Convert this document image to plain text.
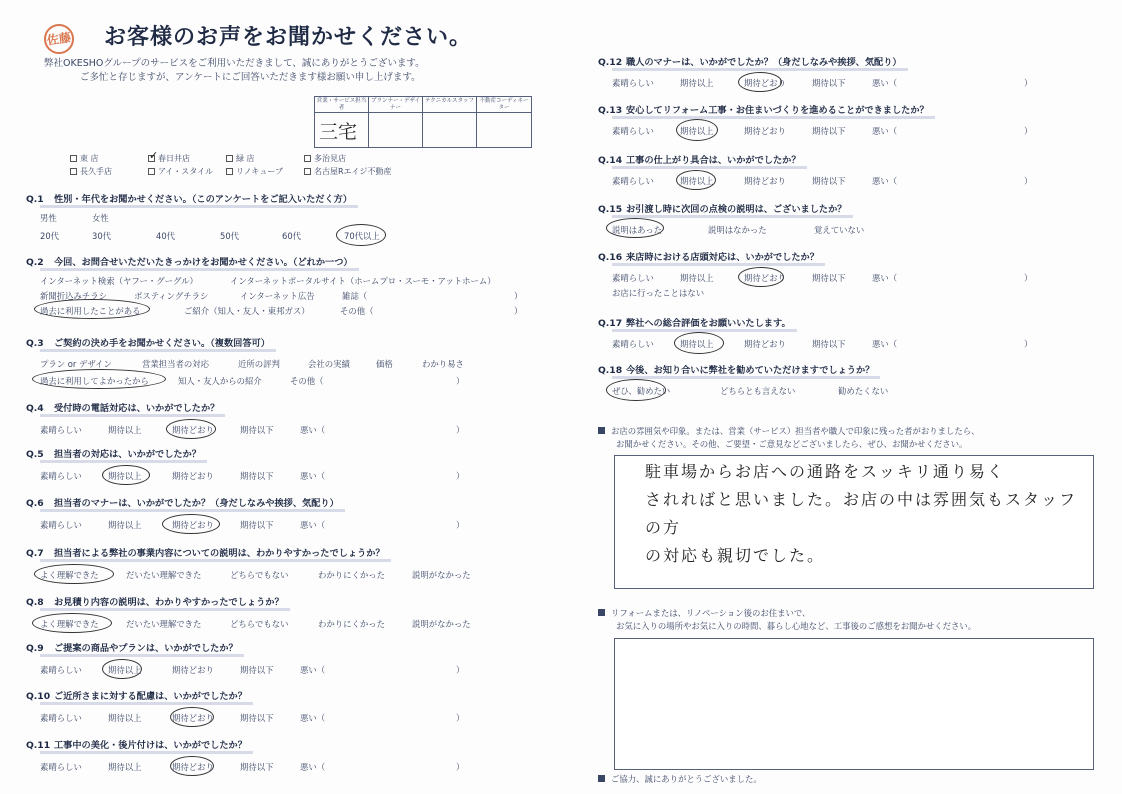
佐藤 お客様のお声をお聞かせください。
弊社OKESHOグループのサービスをご利用いただきまして、誠にありがとうございます。
ご多忙と存じますが、アンケートにご回答いただきます様お願い申し上げます。
営業・サービス担当者
プランナー・デザイナー
テクニカルスタッフ 不動産コーディネーター
三宅
東 店
✓	春日井店	緑 店	多治見店
長久手店	アイ・スタイル	リノキューブ	名古屋Rエイジ不動産
Q.1 性別・年代をお聞かせください。（このアンケートをご記入いただく方）
男性	女性
20代	30代	40代	50代	60代	70代以上
Q.2 今回、お問合せいただいたきっかけをお聞かせください。（どれか一つ）
インターネット検索（ヤフー・グーグル）	インターネットポータルサイト（ホームプロ・スーモ・アットホーム）
新聞折込みチラシ	ポスティングチラシ	インターネット広告	雑誌（	）
過去に利用したことがある	ご紹介（知人・友人・東邦ガス）	その他（	）
Q.3 ご契約の決め手をお聞かせください。（複数回答可）
プラン or デザイン	営業担当者の対応	近所の評判	会社の実績	価格	わかり易さ
過去に利用してよかったから	知人・友人からの紹介	その他（	）
Q.4 受付時の電話対応は、いかがでしたか？
素晴らしい	期待以上	期待どおり	期待以下	悪い（	）
Q.5 担当者の対応は、いかがでしたか？
素晴らしい	期待以上	期待どおり	期待以下	悪い（	）
Q.6 担当者のマナーは、いかがでしたか？（身だしなみや挨拶、気配り）
素晴らしい	期待以上	期待どおり	期待以下	悪い（	）
Q.7 担当者による弊社の事業内容についての説明は、わかりやすかったでしょうか？
よく理解できた	だいたい理解できた	どちらでもない	わかりにくかった	説明がなかった
Q.8 お見積り内容の説明は、わかりやすかったでしょうか？
よく理解できた	だいたい理解できた	どちらでもない	わかりにくかった	説明がなかった
Q.9 ご提案の商品やプランは、いかがでしたか？
素晴らしい	期待以上	期待どおり	期待以下	悪い（	）
Q.10 ご近所さまに対する配慮は、いかがでしたか？
素晴らしい	期待以上	期待どおり	期待以下	悪い（	）
Q.11 工事中の美化・後片付けは、いかがでしたか？
素晴らしい	期待以上	期待どおり	期待以下	悪い（	）
Q.12 職人のマナーは、いかがでしたか？（身だしなみや挨拶、気配り）
素晴らしい	期待以上	期待どおり	期待以下	悪い（	）
Q.13 安心してリフォーム工事・お住まいづくりを進めることができましたか？
素晴らしい	期待以上	期待どおり	期待以下	悪い（	）
Q.14 工事の仕上がり具合は、いかがでしたか？
素晴らしい	期待以上	期待どおり	期待以下	悪い（	）
Q.15 お引渡し時に次回の点検の説明は、ございましたか？
説明はあった	説明はなかった	覚えていない
Q.16 来店時における店頭対応は、いかがでしたか？
素晴らしい	期待以上	期待どおり	期待以下	悪い（	）
お店に行ったことはない
Q.17 弊社への総合評価をお願いいたします。
素晴らしい	期待以上	期待どおり	期待以下	悪い（	）
Q.18 今後、お知り合いに弊社を勧めていただけますでしょうか？
ぜひ、勧めたい	どちらとも言えない	勧めたくない
お店の雰囲気や印象。または、営業（サービス）担当者や職人で印象に残った者がおりましたら、
お聞かせください。その他、ご要望・ご意見などございましたら、ぜひ、お聞かせください。
駐車場からお店への通路をスッキリ通り易く
されればと思いました。お店の中は雰囲気もスタッフの方
の対応も親切でした。
リフォームまたは、リノベーション後のお住まいで、
お気に入りの場所やお気に入りの時間、暮らし心地など、工事後のご感想をお聞かせください。
ご協力、誠にありがとうございました。
